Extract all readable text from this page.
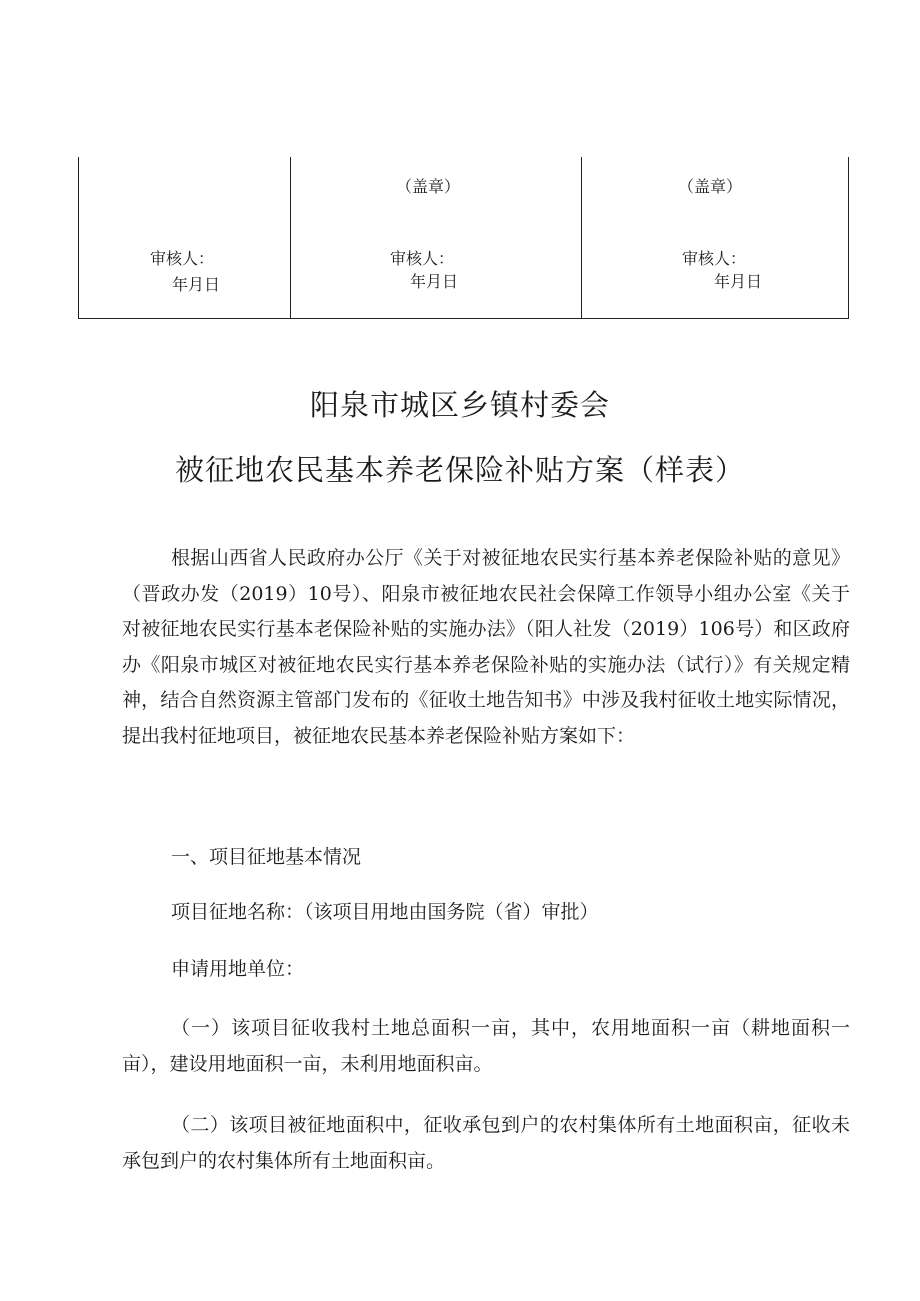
审核人：
年月日
（盖章）
审核人：
年月日
（盖章）
审核人：
年月日
阳泉市城区乡镇村委会
被征地农民基本养老保险补贴方案（样表）
根据山西省人民政府办公厅《关于对被征地农民实行基本养老保险补贴的意见》（晋政办发（2019）10号）、阳泉市被征地农民社会保障工作领导小组办公室《关于对被征地农民实行基本老保险补贴的实施办法》（阳人社发（2019）106号）和区政府办《阳泉市城区对被征地农民实行基本养老保险补贴的实施办法（试行）》有关规定精神，结合自然资源主管部门发布的《征收土地告知书》中涉及我村征收土地实际情况，提出我村征地项目，被征地农民基本养老保险补贴方案如下：
一、项目征地基本情况
项目征地名称：（该项目用地由国务院（省）审批）
申请用地单位：
（一）该项目征收我村土地总面积一亩，其中，农用地面积一亩（耕地面积一亩），建设用地面积一亩，未利用地面积亩。
（二）该项目被征地面积中，征收承包到户的农村集体所有土地面积亩，征收未承包到户的农村集体所有土地面积亩。
